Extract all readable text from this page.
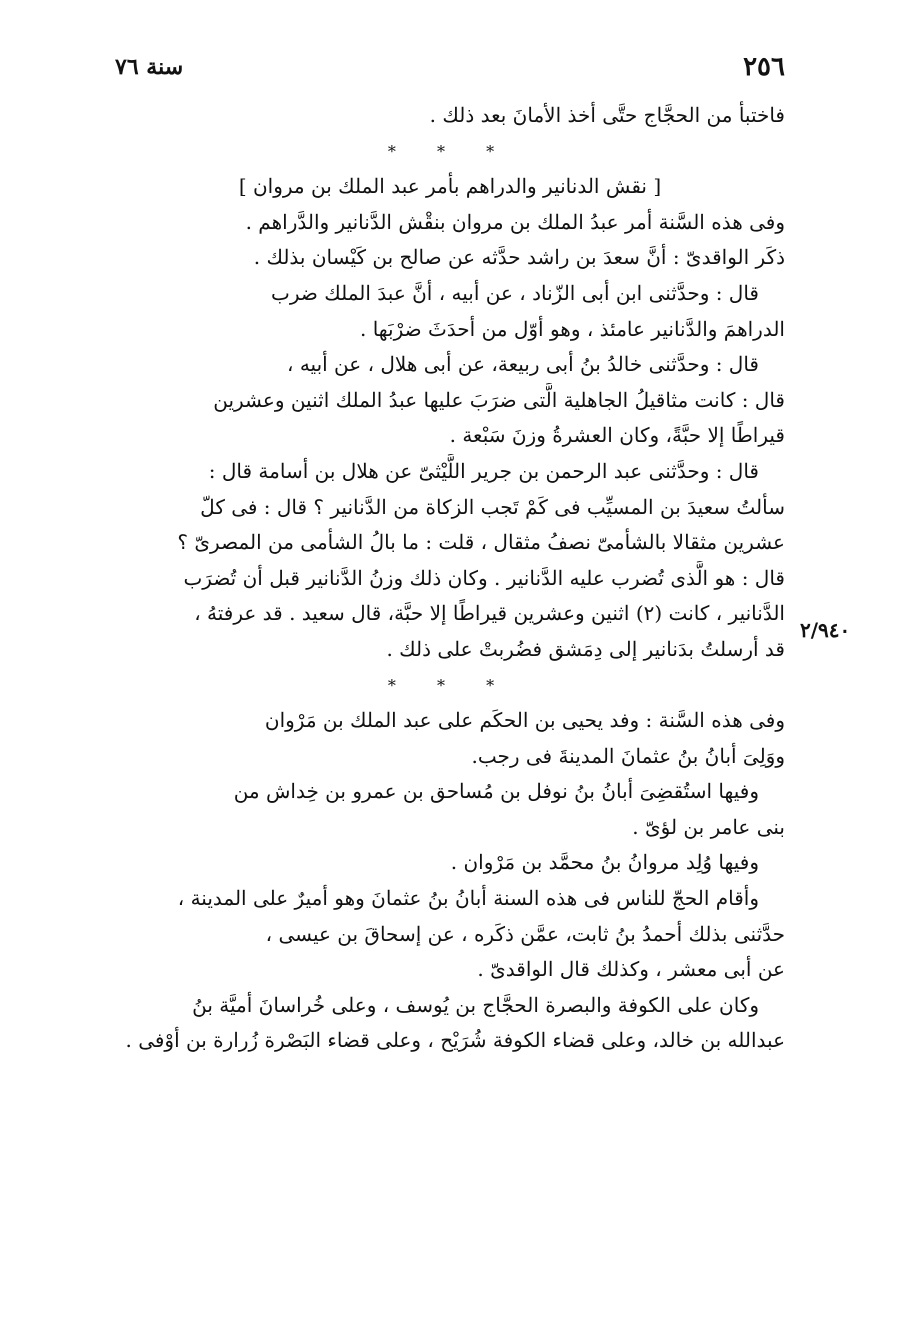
٢٥٦
سنة ٧٦
٢/٩٤٠
فاختبأ من الحجَّاج حتَّى أخذ الأمانَ بعد ذلك .
* * *
[ نقش الدنانير والدراهم بأمر عبد الملك بن مروان ]
وفى هذه السَّنة أمر عبدُ الملك بن مروان بنقْش الدَّنانير والدَّراهم .
ذكَر الواقدىّ : أنَّ سعدَ بن راشد حدَّثه عن صالح بن كَيْسان بذلك .
قال : وحدَّثنى ابن أبى الزّناد ، عن أبيه ، أنَّ عبدَ الملك ضرب
الدراهمَ والدَّنانير عامئذ ، وهو أوّل من أحدَثَ ضرْبَها .
قال : وحدَّثنى خالدُ بنُ أبى ربيعة، عن أبى هلال ، عن أبيه ،
قال : كانت مثاقيلُ الجاهلية الَّتى ضرَبَ عليها عبدُ الملك اثنين وعشرين
قيراطًا إلا حبَّةً، وكان العشرةُ وزنَ سَبْعة .
قال : وحدَّثنى عبد الرحمن بن جرير اللَّيْثىّ عن هلال بن أسامة قال :
سألتُ سعيدَ بن المسيِّب فى كَمْ تَجب الزكاة من الدَّنانير ؟ قال : فى كلّ
عشرين مثقالا بالشأمىّ نصفُ مثقال ، قلت : ما بالُ الشأمى من المصرىّ ؟
قال : هو الَّذى تُضرب عليه الدَّنانير . وكان ذلك وزنُ الدَّنانير قبل أن تُضرَب
الدَّنانير ، كانت (٢) اثنين وعشرين قيراطًا إلا حبَّة، قال سعيد . قد عرفتهُ ،
قد أرسلتُ بدَنانير إلى دِمَشق فضُربتْ على ذلك .
* * *
وفى هذه السَّنة : وفد يحيى بن الحكَم على عبد الملك بن مَرْوان
ووَلِىَ أبانُ بنُ عثمانَ المدينةَ فى رجب.
وفيها استُقضِىَ أبانُ بنُ نوفل بن مُساحق بن عمرو بن خِداش من
بنى عامر بن لؤىّ .
وفيها وُلِد مروانُ بنُ محمَّد بن مَرْوان .
وأقام الحجّ للناس فى هذه السنة أبانُ بنُ عثمانَ وهو أميرٌ على المدينة ،
حدَّثنى بذلك أحمدُ بنُ ثابت، عمَّن ذكَره ، عن إسحاقَ بن عيسى ،
عن أبى معشر ، وكذلك قال الواقدىّ .
وكان على الكوفة والبصرة الحجَّاج بن يُوسف ، وعلى خُراسانَ أميَّة بنُ
عبدالله بن خالد، وعلى قضاء الكوفة شُرَيْح ، وعلى قضاء البَصْرة زُرارة بن أوْفى .
